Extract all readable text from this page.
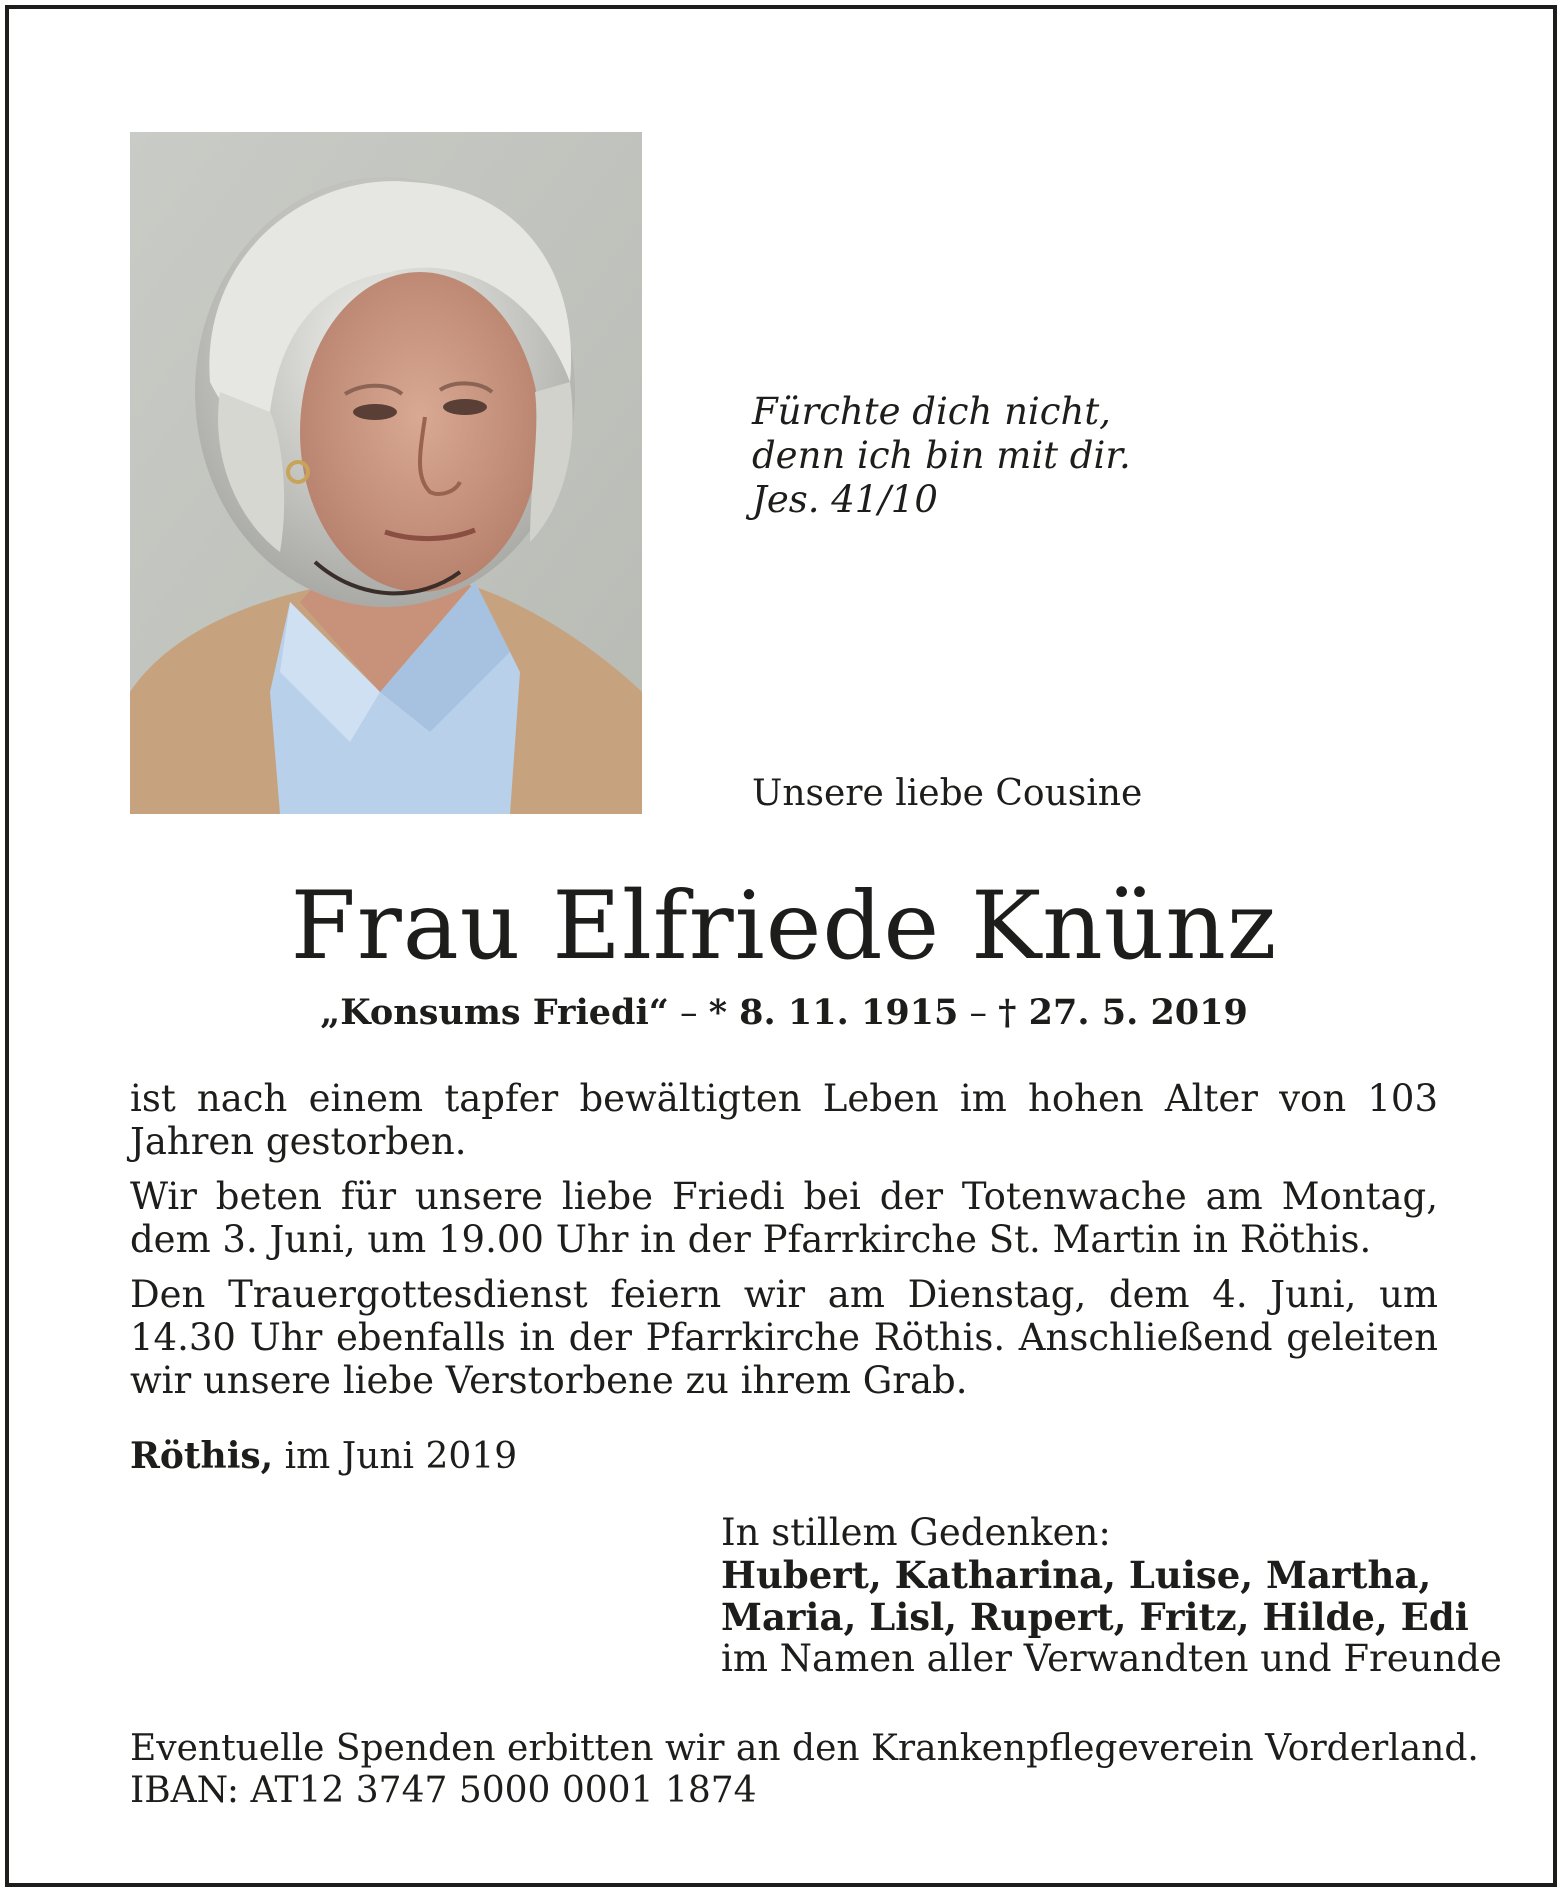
Fürchte dich nicht,
denn ich bin mit dir.
Jes. 41/10
Unsere liebe Cousine
Frau Elfriede Knünz
„Konsums Friedi“ – * 8. 11. 1915 – † 27. 5. 2019

ist nach einem tapfer bewältigten Leben im hohen Alter von 103 Jahren gestorben.

Wir beten für unsere liebe Friedi bei der Totenwache am Montag, dem 3. Juni, um 19.00 Uhr in der Pfarrkirche St. Martin in Röthis.

Den Trauergottesdienst feiern wir am Dienstag, dem 4. Juni, um 14.30 Uhr ebenfalls in der Pfarrkirche Röthis. Anschließend geleiten wir unsere liebe Verstorbene zu ihrem Grab.

Röthis, im Juni 2019
In stillem Gedenken:
Hubert, Katharina, Luise, Martha,
Maria, Lisl, Rupert, Fritz, Hilde, Edi
im Namen aller Verwandten und Freunde
Eventuelle Spenden erbitten wir an den Krankenpflegeverein Vorderland.
IBAN: AT12 3747 5000 0001 1874
